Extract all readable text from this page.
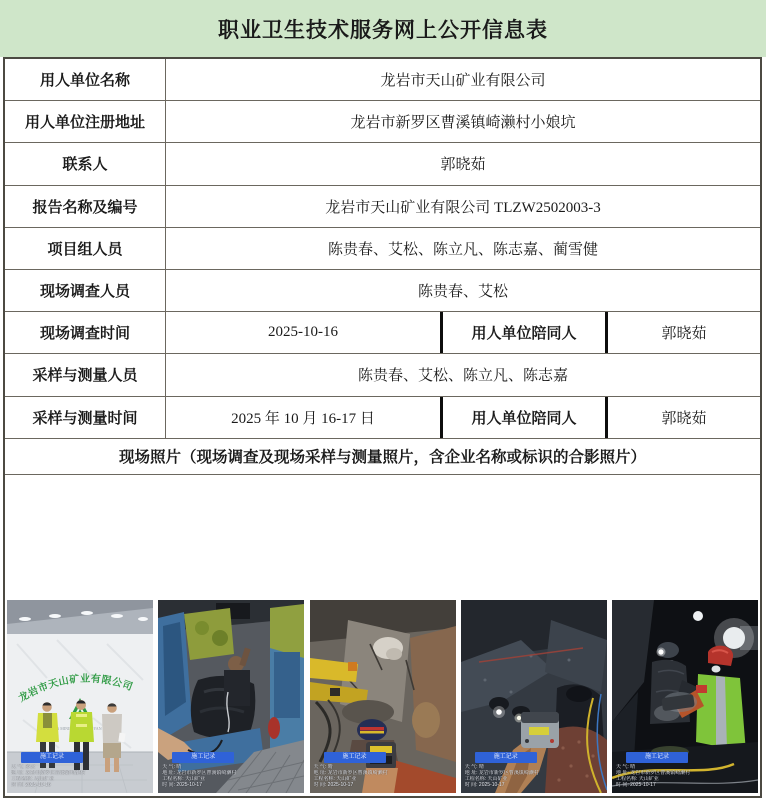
职业卫生技术服务网上公开信息表
用人单位名称	龙岩市天山矿业有限公司
用人单位注册地址	龙岩市新罗区曹溪镇崎濑村小娘坑
联系人	郭晓茹
报告名称及编号	龙岩市天山矿业有限公司 TLZW2502003-3
项目组人员	陈贵春、艾松、陈立凡、陈志嘉、蔺雪健
现场调查人员	陈贵春、艾松
现场调查时间	2025-10-16	用人单位陪同人	郭晓茹
采样与测量人员	陈贵春、艾松、陈立凡、陈志嘉
采样与测量时间	2025 年 10 月 16-17 日	用人单位陪同人	郭晓茹
现场照片（现场调查及现场采样与测量照片，含企业名称或标识的合影照片）
龙岩市天山矿业有限公司
MINING
施工记录
天 气: 多云
地 址: 龙岩市新罗区曹溪镇崎濑村
工程名称: 天山矿业
时 间: 2025-10-16
施工记录
天 气: 晴
地 址: 龙岩市新罗区曹溪镇崎濑村
工程名称: 天山矿业
时 间: 2025-10-17
施工记录
天 气: 晴
地 址: 龙岩市新罗区曹溪镇崎濑村
工程名称: 天山矿业
时 间: 2025-10-17
施工记录
天 气: 晴
地 址: 龙岩市新罗区曹溪镇崎濑村
工程名称: 天山矿业
时 间: 2025-10-17
施工记录
天 气: 晴
地 址: 龙岩市新罗区曹溪镇崎濑村
工程名称: 天山矿业
时 间: 2025-10-17
